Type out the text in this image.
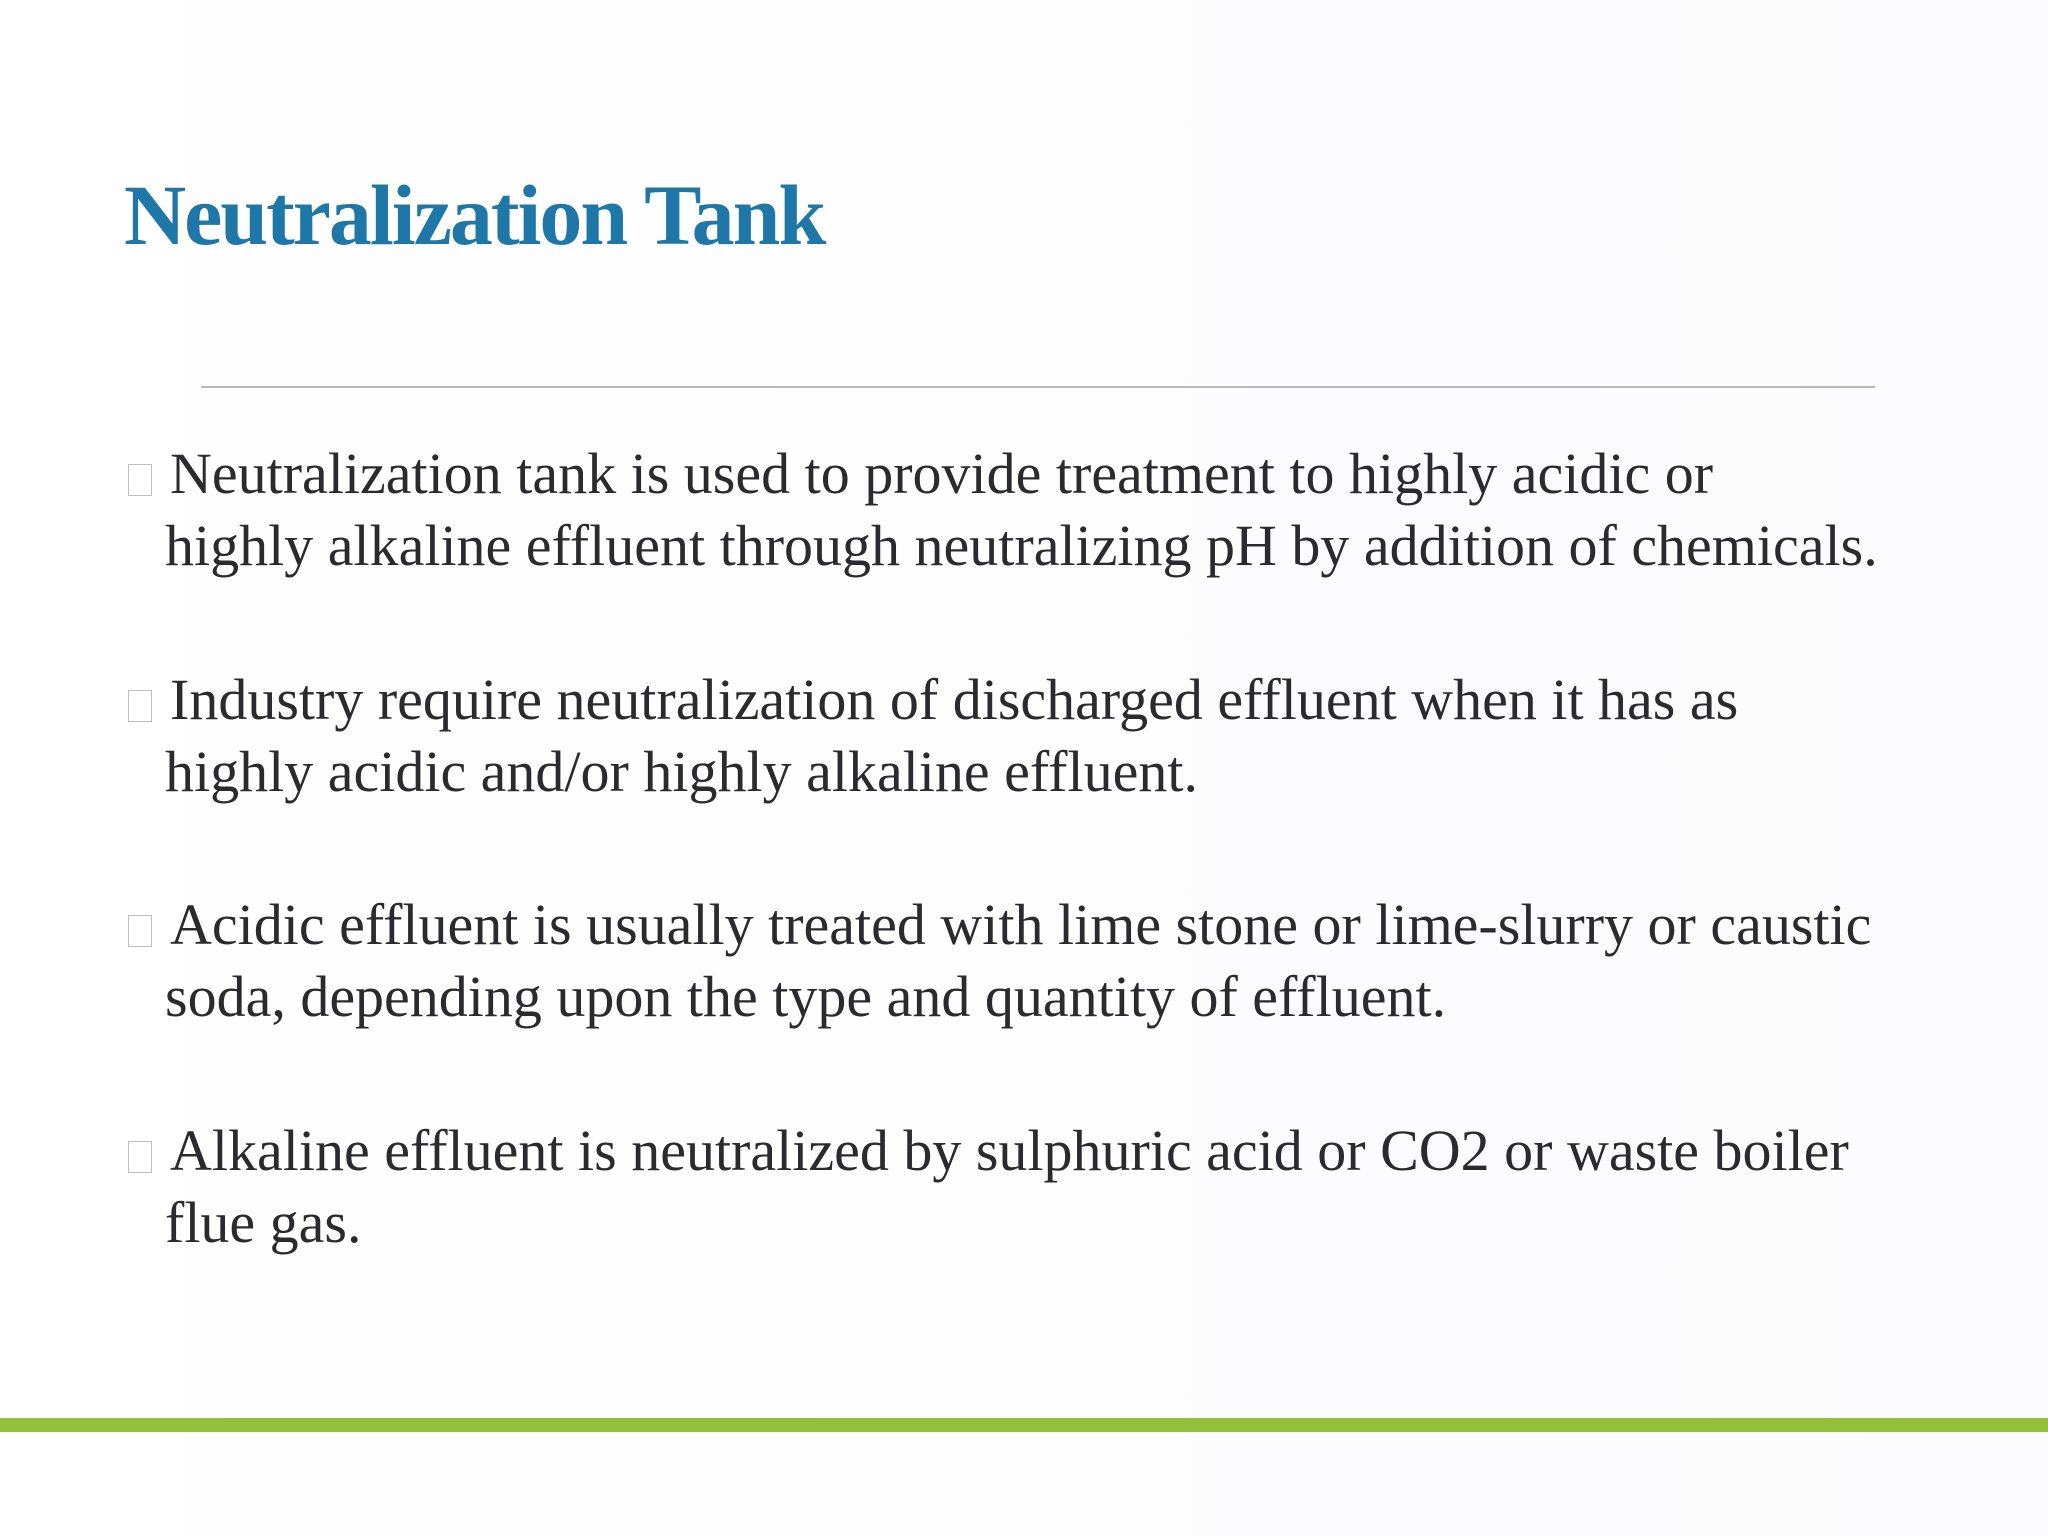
Neutralization Tank
Neutralization tank is used to provide treatment to highly acidic or
highly alkaline effluent through neutralizing pH by addition of chemicals.
Industry require neutralization of discharged effluent when it has as
highly acidic and/or highly alkaline effluent.
Acidic effluent is usually treated with lime stone or lime-slurry or caustic
soda, depending upon the type and quantity of effluent.
Alkaline effluent is neutralized by sulphuric acid or CO2 or waste boiler
flue gas.
